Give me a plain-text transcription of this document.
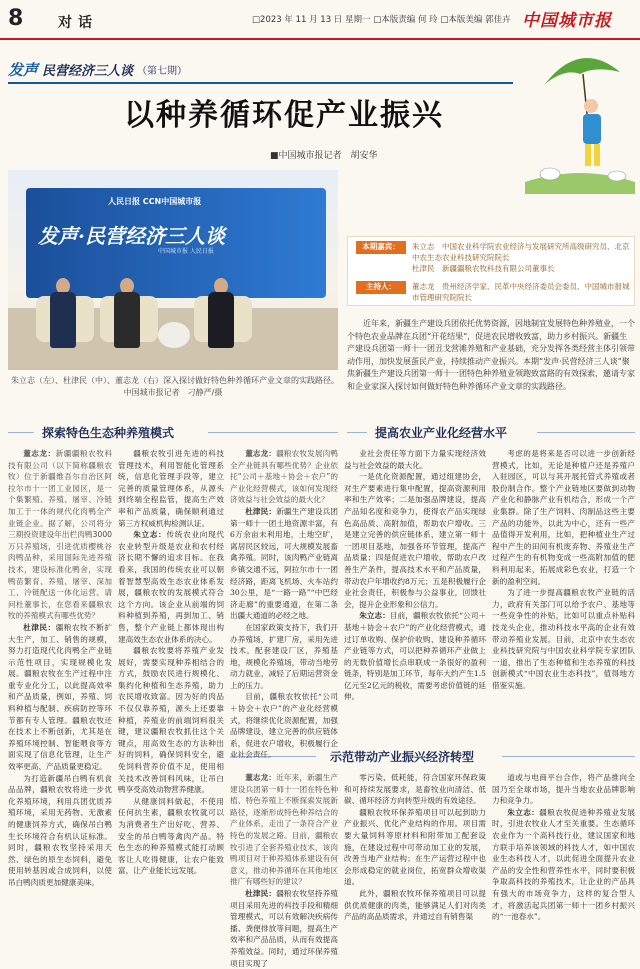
8 对话	□2023 年 11 月 13 日 星期一 □本版责编 何 玲 □本版美编 郭佳卉 中国城市报
发声 民营经济三人谈 （第七期）
以种养循环促产业振兴
■中国城市报记者　胡安华
人民日报 CCN中国城市报
发声·民营经济三人谈
中国城市报 人民日报
朱立志（左）、杜津民（中）、董志龙（右）深入探讨做好特色种养循环产业文章的实践路径。　中国城市报记者　刁静严/摄
本期嘉宾：	朱立志　中国农业科学院农业经济与发展研究所高级研究员、北京中农生态农业科技研究院院长
杜津民　新疆疆粮农牧科技有限公司董事长
主持人：	董志龙　贵州经济学家、民革中央经济委员会委员、中国城市报城市管理研究院院长
近年来，新疆生产建设兵团依托优势资源，因地制宜发展特色种养殖业，一个个特色农业品牌在兵团“开花结果”，促进农民增收致富，助力乡村振兴。新疆生产建设兵团第一师十一团丑戈营滩养殖和产业基础，充分发挥各类经营主体引领带动作用，加快发展蛋民产业，持续推动产业振兴。本期“发声·民营经济三人谈”聚焦新疆生产建设兵团第一师十一团特色种养殖业领跑致富路的有效探索，邀请专家和企业家深入探讨如何做好特色种养循环产业文章的实践路径。
探索特色生态种养殖模式	提高农业产业化经营水平
示范带动产业振兴经济转型

董志龙：新疆疆粮农牧科技有限公司（以下简称疆粮农牧）位于新疆维吾尔自治区阿拉尔市十一团工业园区，是一个集繁殖、养殖、屠宰、冷链加工于一体的规代化肉鸭全产业链企业。据了解，公司将分三期投资建设年出栏肉鸭3000万只养殖场，引进优质樱桃谷肉鸭品种，采用国际先进养殖技术，建设标准化鸭舍，实现鸭苗繁育、养殖、屠宰、深加工、冷链配送一体化运营。请问杜董事长，在您看来疆粮农牧的养殖模式有哪些优势？

杜津民：疆粮农牧不断扩大生产，加工、销售的规模，努力打造现代化肉鸭全产业链示范性项目，实现规模化发展。疆粮农牧在生产过程中注重专业化分工，以此提高效率和产品质量，例如，养殖、饲料种植与配制、疾病防控等环节都有专人管理。疆粮农牧还在技术上不断创新，尤其是在养殖环境控制、智能喂食等方面实现了信息化管理，让生产效率更高、产品质量更稳定。

为打造新疆吊白鸭有机食品品牌，疆粮农牧将进一步优化养殖环境，利用兵团优质养殖环境，采用无药物、无激素的健康饲养方式，确保吊白鸭生长环境符合有机认证标准。同时，疆粮农牧坚持采用天然、绿色的原生态饲料，避免使用转基因或合成饲料，以使吊白鸭肉质更加健康美味。

疆粮农牧引进先进的科技管理技术，利用智能化管理系统，信息化管理手段等，建立完善的质量管理体系，从源头到终端全程监管，提高生产效率和产品质量，确保顺利通过第三方权威机构检测认证。

朱立志：传统农业向现代农业转型升级是农业和农村经济长期不懈的追求目标。在我看来，我国的传统农业可以朝着智慧型高效生态农业体系发展，疆粮农牧的发展模式符合这个方向。该企业从前端的饲料种植到养殖，再到加工、销售，整个产业链上都体现出构建高效生态农业体系的决心。

疆粮农牧要将养殖产业发展好，需要实现种养相结合的方式，鼓励农民进行规模化、集约化种植和生态养殖，助力农民增收致富。因为好的肉品不仅仅靠养殖，源头上还要靠种植，养殖业的前端饲料很关键，建议疆粮农牧抓住这个关键点，用高效生态的方法种出好的饲料，确保饲料安全，避免饲料营养价值不足，使用相关技术改善饲料风味，让吊白鸭享受高效动物营养健康。

从健康饲料做起，不使用任何抗生素，疆粮农牧就可以为消费者生产出好吃、营养、安全的吊白鸭等禽肉产品。特色生态的种养殖模式能打动顾客让人吃得健康，让农户能致富，让产业能长远发展。

董志龙：疆粮农牧发展肉鸭全产业链具有哪些优势？企业依托“公司＋基地＋协会＋农户”的产业化经营模式，该如何发现经济效益与社会效益的最大化？

杜津民：新疆生产建设兵团第一师十一团土地资源丰富，有6万余亩未利用地，土地空旷，离居民区较远，可大规模发展畜禽养殖。同时，该肉鸭产业链离乡镇交通不远，阿拉尔市十一团经济路，距离飞机场、火车站约30公里，是“一路一路”“中巴经济走廊”的重要通道，在第二条出疆大通道的必经之地。

在国家政策支持下，我们开办养殖场，扩建厂房，采用先进技术，配套建设厂区，养殖基地，规模化养殖场，带动当地劳动力就业，减轻了后期运营资金上的压力。

目前，疆粮农牧依托“公司＋协会＋农户”的产业化经营模式，将继续优化资源配置，加强品牌建设，建立完善的供应链体系，促进农户增收，积极履行企业社会责任。

业社会责任等方面下力量实现经济效益与社会效益的最大化。

一是优化资源配置，通过组建协会，对生产要素进行集中配置，提高资源利用率和生产效率；二是加强品牌建设，提高产品知名度和竞争力，使得农产品实现绿色高品质、高附加值，帮助农户增收。三是建立完善的供应链体系，建立第一师十一团项目基地，加强各环节管理，提高产品质量；四是促进农户增收，帮助农户改善生产条件，提高技术水平和产品质量，带动农户年增收约8万元；五是积极履行企业社会责任，积极参与公益事业，回馈社会，提升企业形象和公信力。

朱立志：目前，疆粮农牧依托“公司＋基地＋协会＋农户”的产业化经营模式，通过订单收购、保护价收购、建设种养循环产业链等方式，可以把种养循环产业做上的无数价值增长点串联成一条很好的盈利链条，特别是加工环节，每年大约产生1.5亿元至2亿元的税收，需要考虑价值链的延伸。

考虑的是将来是否可以进一步创新经营模式，比如，无论是种植户还是养殖户入驻园区，可以与其开展托管式养殖或者股份制合作。整个产业链地区要做到动物产业化和静脉产业有机结合，形成一个产业集群。除了生产饲料、肉制品这些主要产品的功能外，以此为中心，还有一些产品值得开发利用，比如，把种植业生产过程中产生的田间有机废弃物、养殖业生产过程产生的有机物变成一些高附加值的肥料利用起来，拓展成彩色农业，打造一个新的盈利空间。

为了进一步提高疆粮农牧产业链的活力，政府有关部门可以给予农户、基地等一些竞争性的补贴，比如可以重点补贴科技龙头企业，推动科技水平高的企业有效带动养殖业发展。目前，北京中农生态农业科技研究院与中国农业科学院专家团队一道，推出了生态种植和生态养殖的科技创新模式“中国农业生态科技”，值得地方借鉴实施。

董志龙：近年来，新疆生产建设兵团第一师十一团在特色种植、特色养殖上不断探索发展新路径，逐渐形成特色种养结合的产业体系，走出了一条符合产业特色的发展之路。目前，疆粮农牧引进了全套养殖业技术，该肉鸭项目对于种养殖体系建设有何意义，推动种养循环在其他地区推广有哪些好的建议？

杜津民：疆粮农牧坚持养殖项目采用先进的科技手段和精细管理模式，可以有效解决疾病传播、粪便排放等问题，提高生产效率和产品品质，从而有效提高养殖效益。同时，通过环保养殖项目实现了

零污染、低耗能，符合国家环保政策和可持续发展要求，是畜牧业向清洁、低碳、循环经济方向转型升级的有效途径。

疆粮农牧环保养殖项目可以起到助力产业振兴、优化产业结构的作用。项目需要大量饲料等原材料和附带加工配套设施，在建设过程中可带动加工业的发展，改善当地产业结构；在生产运营过程中也会形成稳定的就业岗位，拓宽群众增收渠道。

此外，疆粮农牧环保养殖项目可以提供优质健康的肉类，能够满足人们对肉类产品的高品质需求，并通过自有销售渠

道或与电商平台合作，将产品推向全国乃至全球市场，提升当地农业品牌影响力和竞争力。

朱立志：疆粮农牧促进种养殖业发展时，引进农牧业人才至关重要。生态循环农业作为一个高科技行业，建议国家和地方联手培养该领域的科技人才，如中国农业生态科技人才，以此促进全面提升农业产品的安全性和营养性水平，同时要积极争取高科技的养殖技术，让企业的产品具有强大的市场竞争力，这样的复合型人才，将激活起兵团第一师十一团乡村振兴的“一池春水”。
